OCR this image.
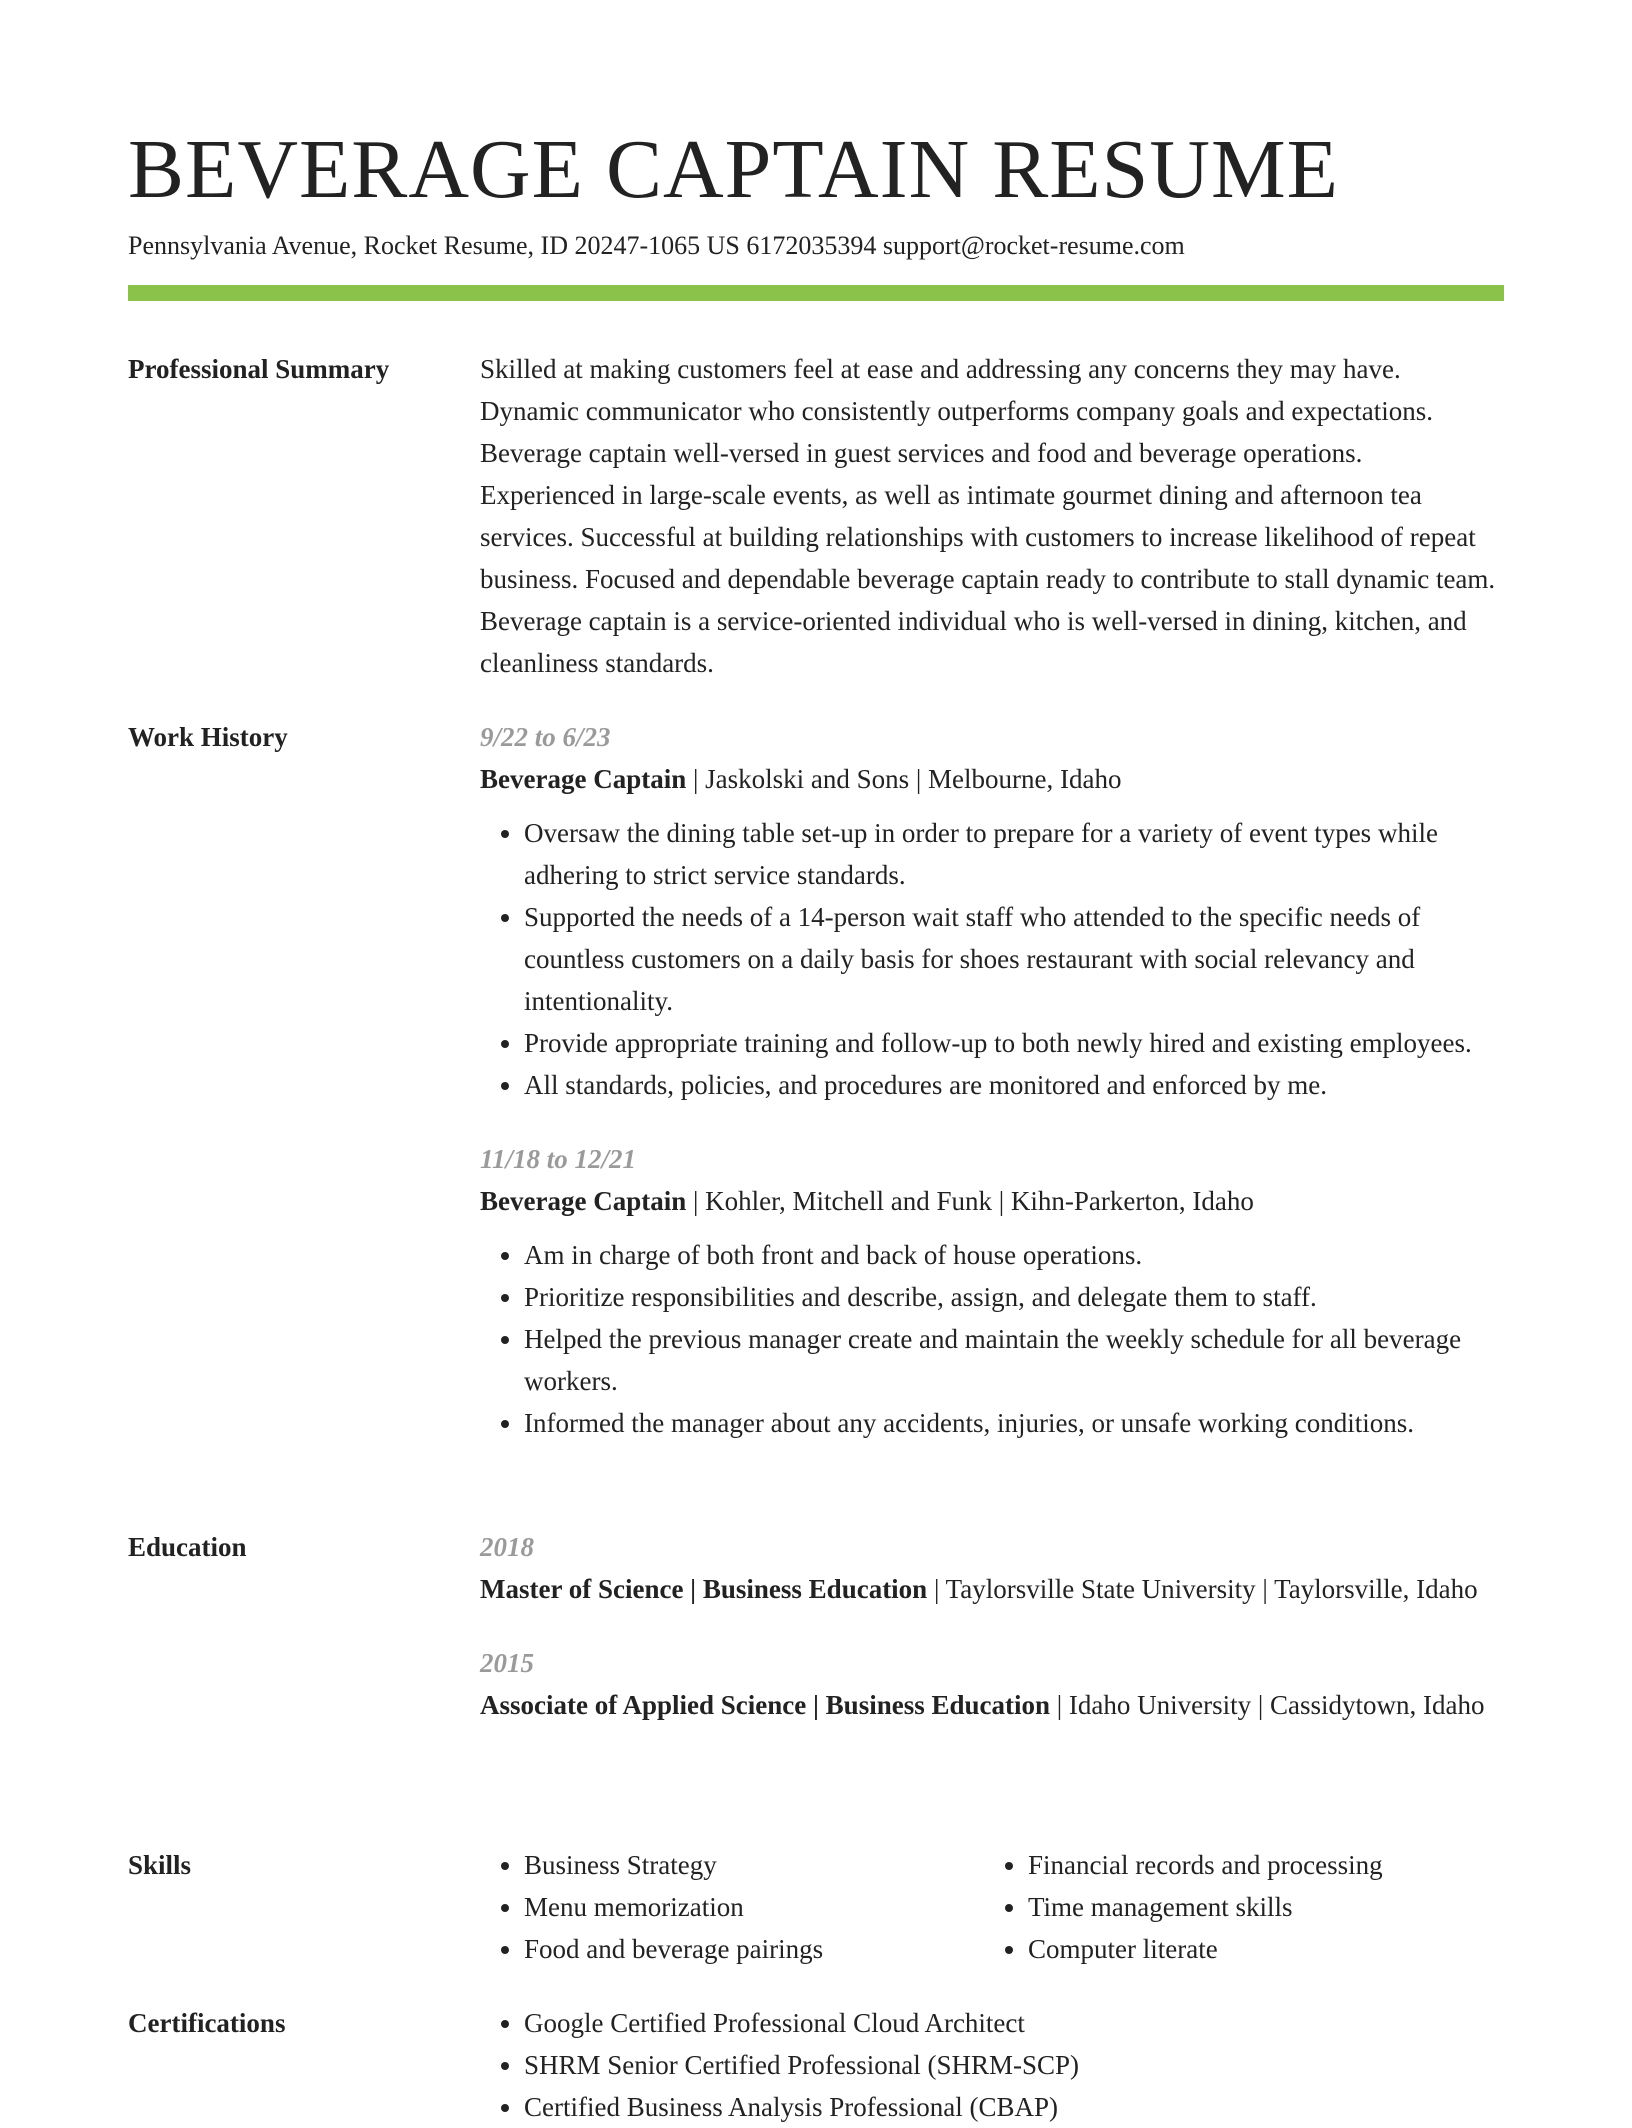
BEVERAGE CAPTAIN RESUME
Pennsylvania Avenue, Rocket Resume, ID 20247-1065 US 6172035394 support@rocket-resume.com
Professional Summary	Skilled at making customers feel at ease and addressing any concerns they may have. Dynamic communicator who consistently outperforms company goals and expectations. Beverage captain well-versed in guest services and food and beverage operations. Experienced in large-scale events, as well as intimate gourmet dining and afternoon tea services. Successful at building relationships with customers to increase likelihood of repeat business. Focused and dependable beverage captain ready to contribute to stall dynamic team. Beverage captain is a service-oriented individual who is well-versed in dining, kitchen, and cleanliness standards.

Work History	9/22 to 6/23
Beverage Captain | Jaskolski and Sons | Melbourne, Idaho
• Oversaw the dining table set-up in order to prepare for a variety of event types while adhering to strict service standards.
• Supported the needs of a 14-person wait staff who attended to the specific needs of countless customers on a daily basis for shoes restaurant with social relevancy and intentionality.
• Provide appropriate training and follow-up to both newly hired and existing employees.
• All standards, policies, and procedures are monitored and enforced by me.
11/18 to 12/21
Beverage Captain | Kohler, Mitchell and Funk | Kihn-Parkerton, Idaho
• Am in charge of both front and back of house operations.
• Prioritize responsibilities and describe, assign, and delegate them to staff.
• Helped the previous manager create and maintain the weekly schedule for all beverage workers.
• Informed the manager about any accidents, injuries, or unsafe working conditions.
Education	2018
Master of Science | Business Education | Taylorsville State University | Taylorsville, Idaho
2015
Associate of Applied Science | Business Education | Idaho University | Cassidytown, Idaho
Skills	• Business Strategy
• Menu memorization
• Food and beverage pairings
• Financial records and processing
• Time management skills
• Computer literate
Certifications	• Google Certified Professional Cloud Architect
• SHRM Senior Certified Professional (SHRM-SCP)
• Certified Business Analysis Professional (CBAP)
